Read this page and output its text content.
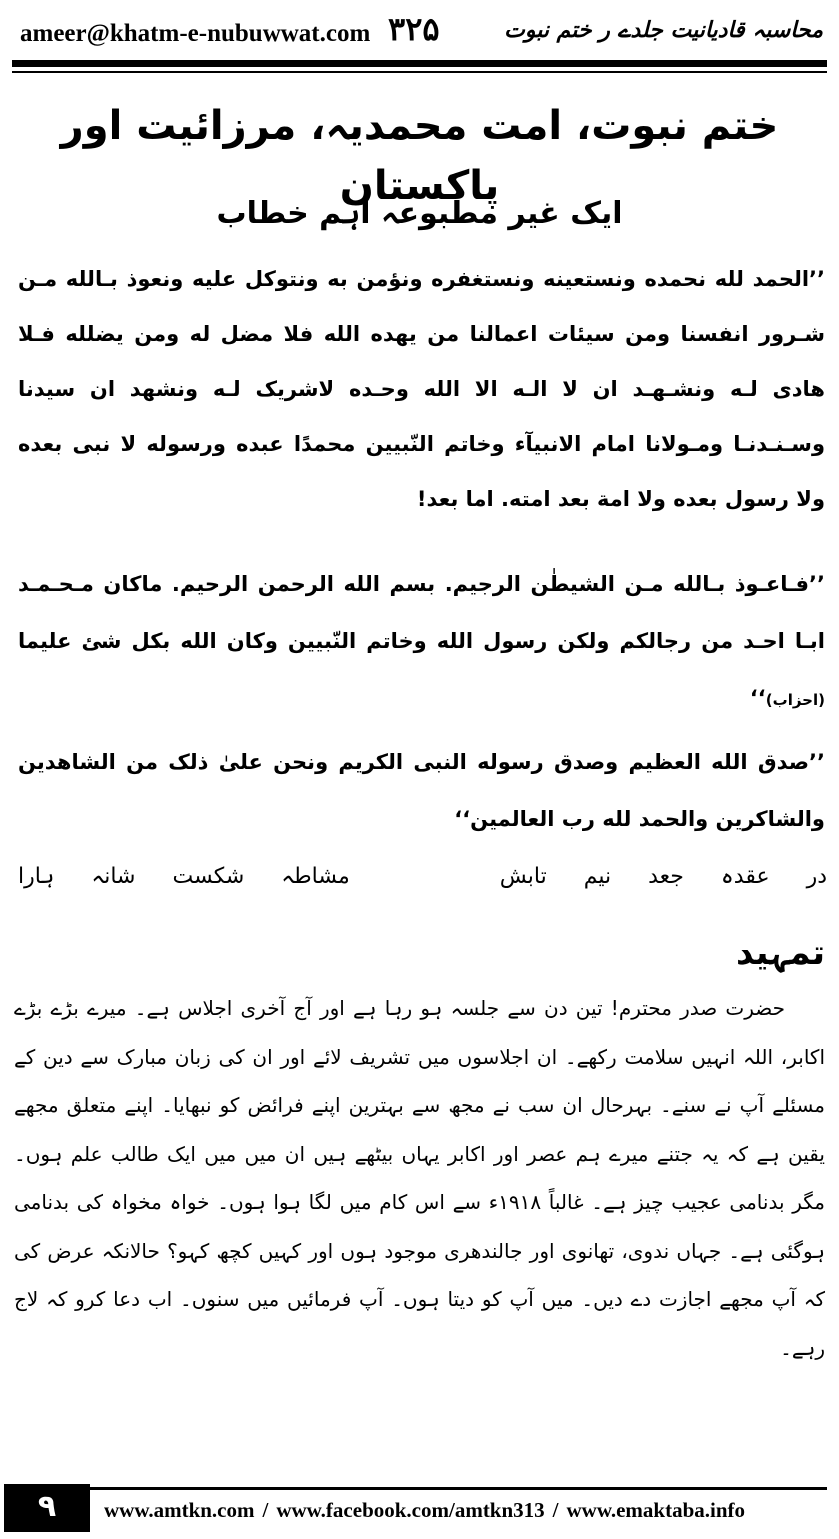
ameer@khatm-e-nubuwwat.com ۳۲۵	محاسبہ قادیانیت جلدے ر ختم نبوت
ختم نبوت، امت محمدیہ، مرزائیت اور پاکستان
ایک غیر مطبوعہ اہم خطاب
’’الحمد لله نحمده ونستعينه ونستغفره ونؤمن به ونتوكل عليه ونعوذ بـالله مـن شـرور انفسنا ومن سيئات اعمالنا من يهده الله فلا مضل له ومن يضلله فـلا هادى لـه ونشـهـد ان لا الـه الا الله وحـده لاشريک لـه ونشهد ان سيدنا وسـنـدنـا ومـولانا امام الانبيآء وخاتم النّبيين محمدًا عبده ورسوله لا نبى بعده ولا رسول بعده ولا امة بعد امته. اما بعد!
’’فـاعـوذ بـالله مـن الشيطٰن الرجيم. بسم الله الرحمن الرحيم. ماكان مـحـمـد ابـا احـد من رجالكم ولكن رسول الله وخاتم النّبيين وكان الله بكل شئ عليما (احزاب)‘‘
’’صدق الله العظيم وصدق رسوله النبى الكريم ونحن علىٰ ذلک من الشاهدين والشاكرين والحمد لله رب العالمين‘‘
در عقدہ جعد نیم تابش
مشاطہ شکست شانہ ہارا
تمہید

حضرت صدر محترم! تین دن سے جلسہ ہو رہا ہے اور آج آخری اجلاس ہے۔ میرے بڑے بڑے اکابر، اللہ انہیں سلامت رکھے۔ ان اجلاسوں میں تشریف لائے اور ان کی زبان مبارک سے دین کے مسئلے آپ نے سنے۔ بہرحال ان سب نے مجھ سے بہترین اپنے فرائض کو نبھایا۔ اپنے متعلق مجھے یقین ہے کہ یہ جتنے میرے ہم عصر اور اکابر یہاں بیٹھے ہیں ان میں میں ایک طالب علم ہوں۔ مگر بدنامی عجیب چیز ہے۔ غالباً ۱۹۱۸ء سے اس کام میں لگا ہوا ہوں۔ خواہ مخواہ کی بدنامی ہوگئی ہے۔ جہاں ندوی، تھانوی اور جالندھری موجود ہوں اور کہیں کچھ کہو؟ حالانکہ عرض کی کہ آپ مجھے اجازت دے دیں۔ میں آپ کو دیتا ہوں۔ آپ فرمائیں میں سنوں۔ اب دعا کرو کہ لاج رہے۔

۹	www.amtkn.com / www.facebook.com/amtkn313 / www.emaktaba.info
